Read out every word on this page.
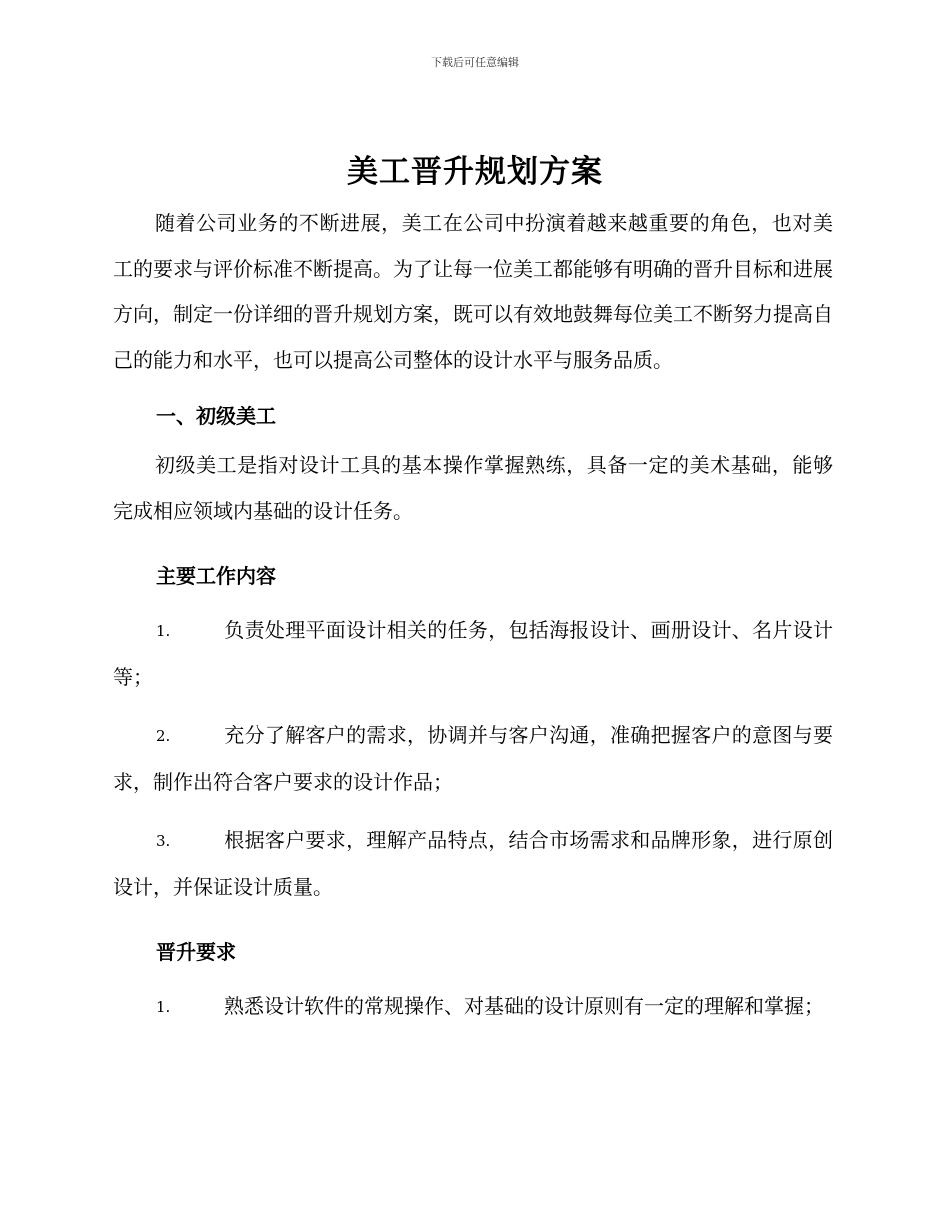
下载后可任意编辑
美工晋升规划方案

随着公司业务的不断进展，美工在公司中扮演着越来越重要的角色，也对美工的要求与评价标准不断提高。为了让每一位美工都能够有明确的晋升目标和进展方向，制定一份详细的晋升规划方案，既可以有效地鼓舞每位美工不断努力提高自己的能力和水平，也可以提高公司整体的设计水平与服务品质。

一、初级美工

初级美工是指对设计工具的基本操作掌握熟练，具备一定的美术基础，能够完成相应领域内基础的设计任务。

主要工作内容

1.	负责处理平面设计相关的任务，包括海报设计、画册设计、名片设计等；

2.	充分了解客户的需求，协调并与客户沟通，准确把握客户的意图与要求，制作出符合客户要求的设计作品；

3.	根据客户要求，理解产品特点，结合市场需求和品牌形象，进行原创设计，并保证设计质量。

晋升要求

1.	熟悉设计软件的常规操作、对基础的设计原则有一定的理解和掌握；
